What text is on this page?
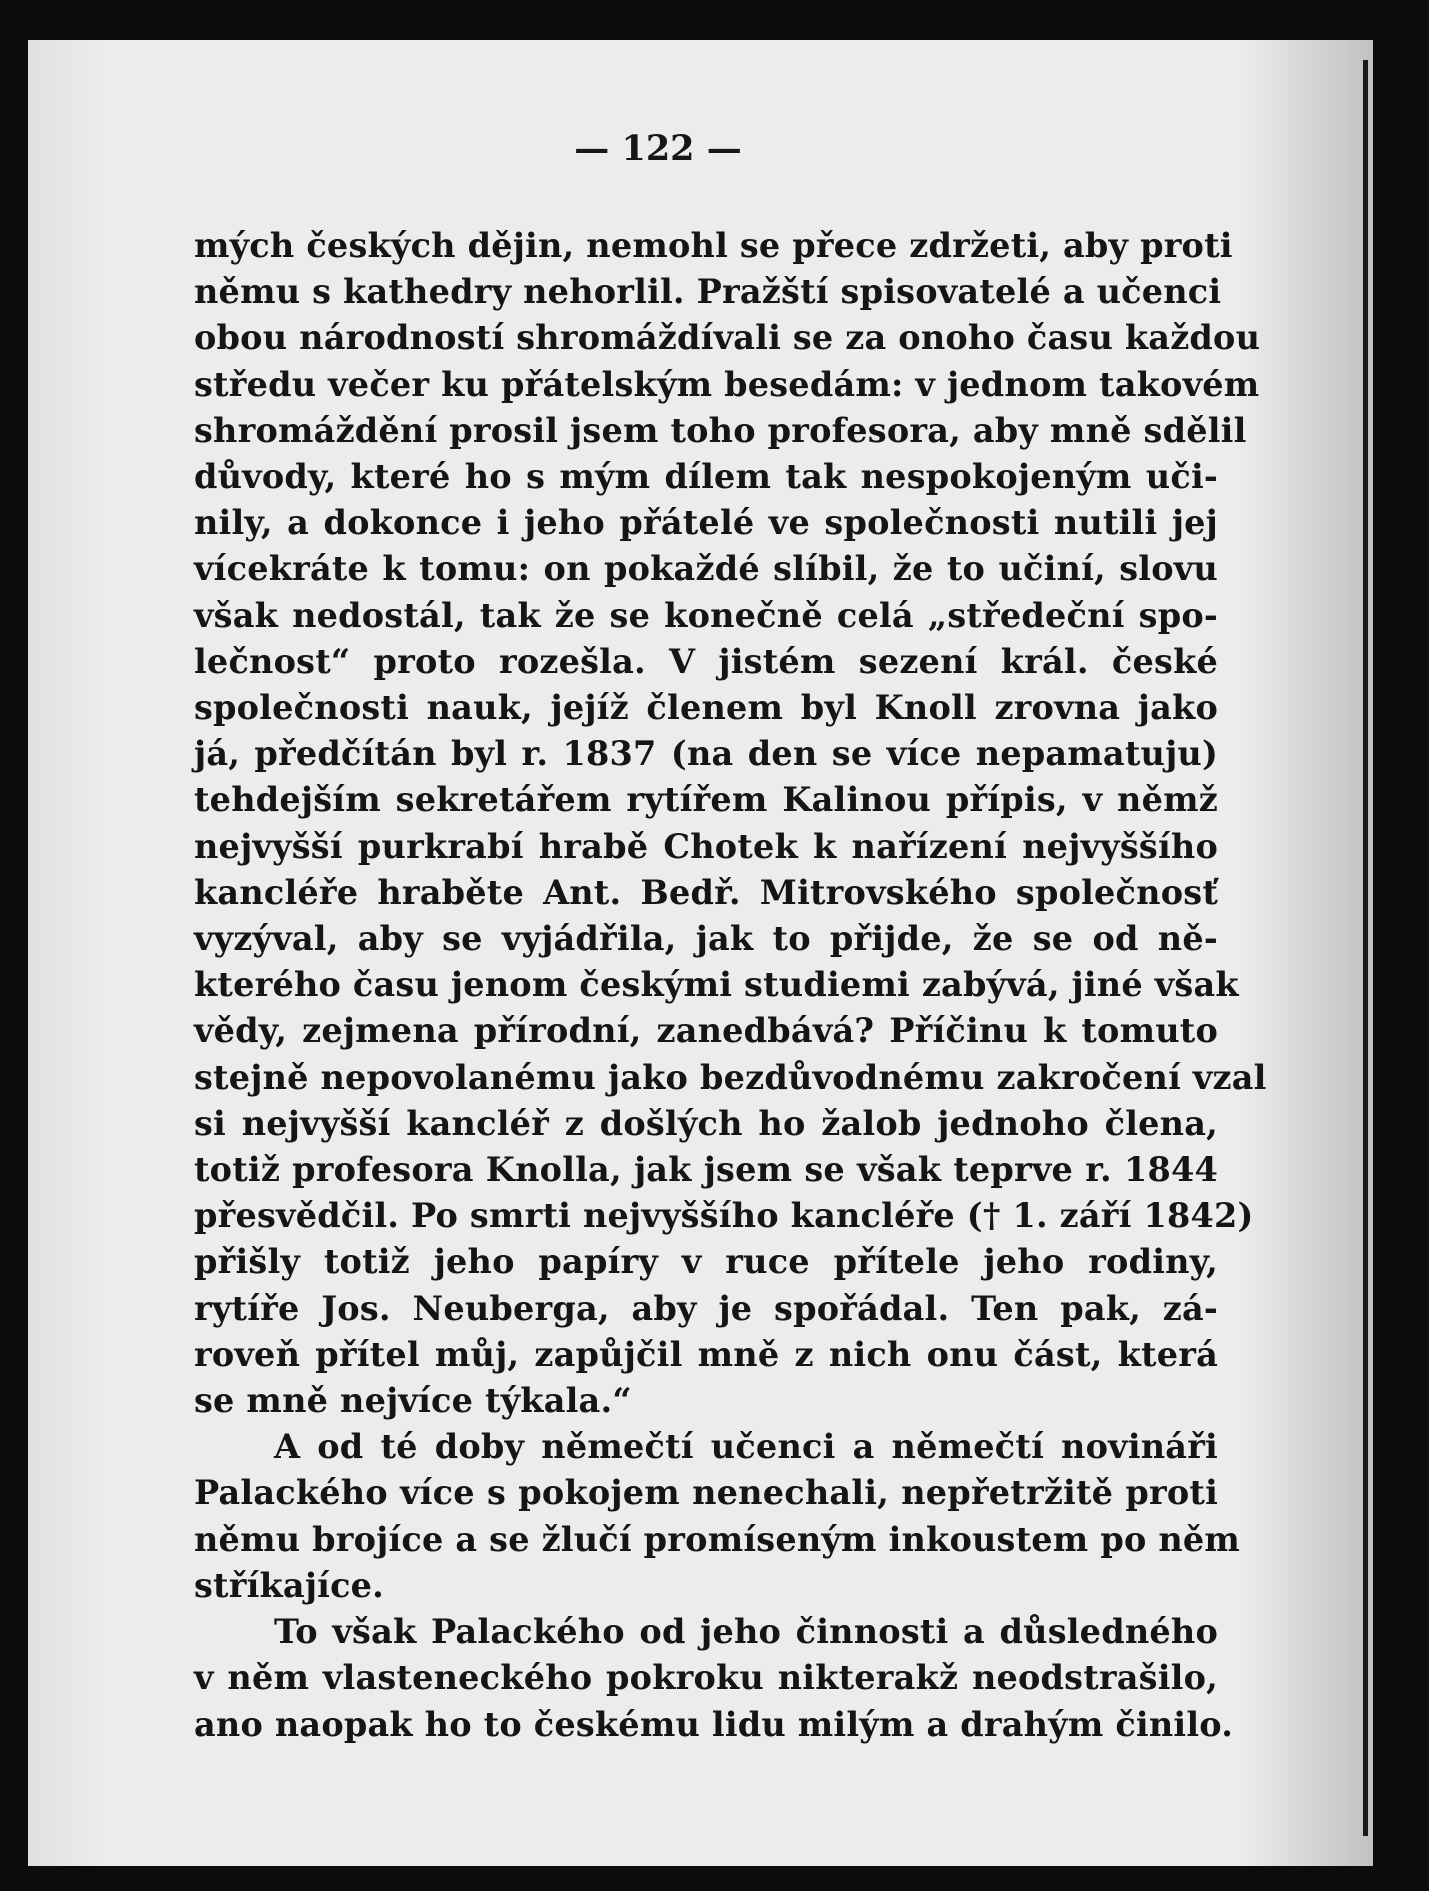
— 122 —

mých českých dějin, nemohl se přece zdržeti, aby proti
němu s kathedry nehorlil. Pražští spisovatelé a učenci
obou národností shromáždívali se za onoho času každou
středu večer ku přátelským besedám: v jednom takovém
shromáždění prosil jsem toho profesora, aby mně sdělil
důvody, které ho s mým dílem tak nespokojeným uči-
nily, a dokonce i jeho přátelé ve společnosti nutili jej
vícekráte k tomu: on pokaždé slíbil, že to učiní, slovu
však nedostál, tak že se konečně celá „středeční spo-
lečnost“ proto rozešla. V jistém sezení král. české
společnosti nauk, jejíž členem byl Knoll zrovna jako
já, předčítán byl r. 1837 (na den se více nepamatuju)
tehdejším sekretářem rytířem Kalinou přípis, v němž
nejvyšší purkrabí hrabě Chotek k nařízení nejvyššího
kancléře hraběte Ant. Bedř. Mitrovského společnosť
vyzýval, aby se vyjádřila, jak to přijde, že se od ně-
kterého času jenom českými studiemi zabývá, jiné však
vědy, zejmena přírodní, zanedbává? Příčinu k tomuto
stejně nepovolanému jako bezdůvodnému zakročení vzal
si nejvyšší kancléř z došlých ho žalob jednoho člena,
totiž profesora Knolla, jak jsem se však teprve r. 1844
přesvědčil. Po smrti nejvyššího kancléře († 1. září 1842)
přišly totiž jeho papíry v ruce přítele jeho rodiny,
rytíře Jos. Neuberga, aby je spořádal. Ten pak, zá-
roveň přítel můj, zapůjčil mně z nich onu část, která
se mně nejvíce týkala.“

A od té doby němečtí učenci a němečtí novináři
Palackého více s pokojem nenechali, nepřetržitě proti
němu brojíce a se žlučí promíseným inkoustem po něm
stříkajíce.

To však Palackého od jeho činnosti a důsledného
v něm vlasteneckého pokroku nikterakž neodstrašilo,
ano naopak ho to českému lidu milým a drahým činilo.
